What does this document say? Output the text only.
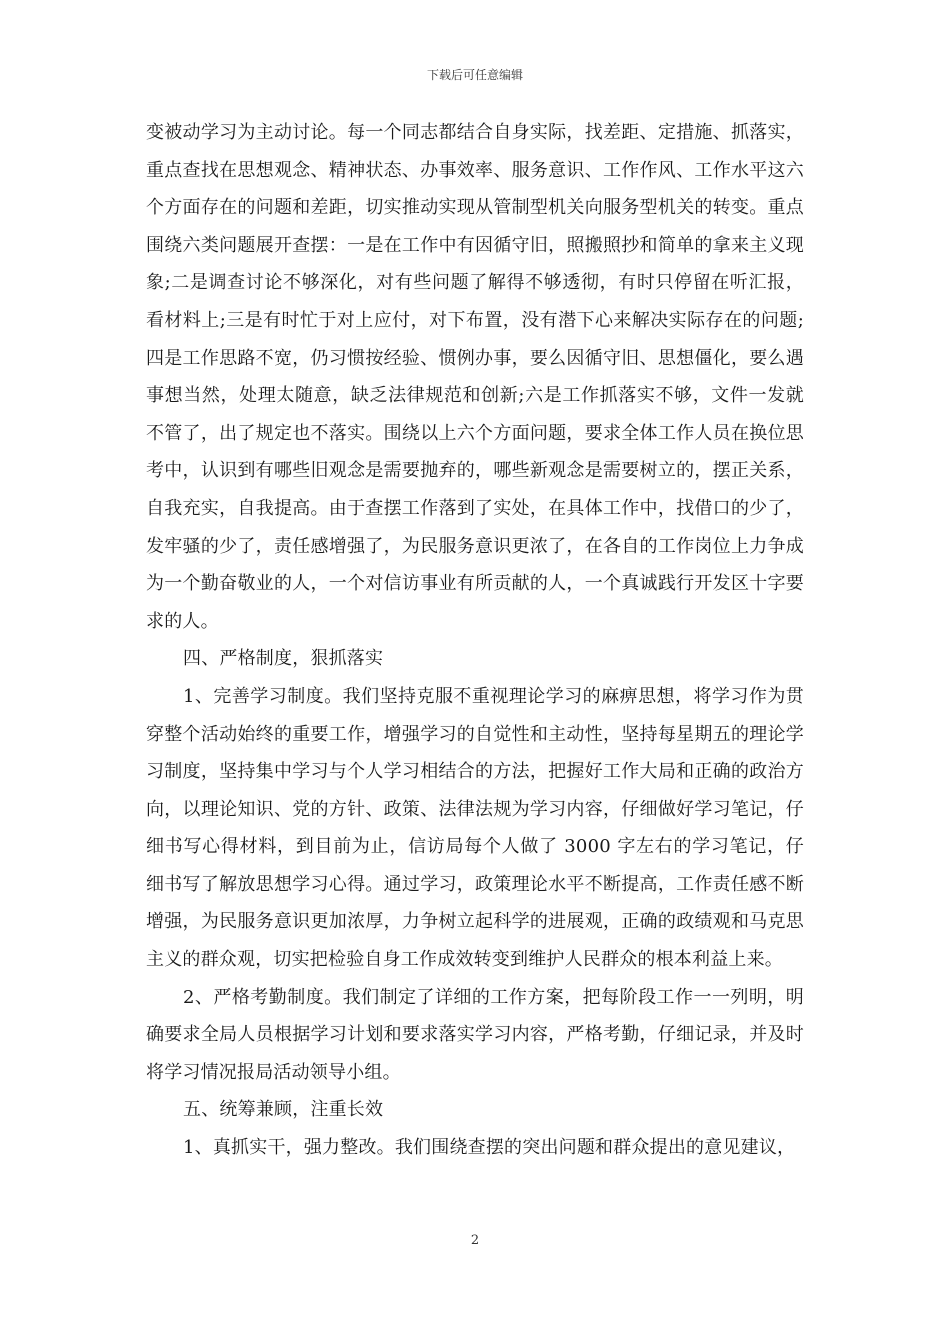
下载后可任意编辑

变被动学习为主动讨论。每一个同志都结合自身实际，找差距、定措施、抓落实，重点查找在思想观念、精神状态、办事效率、服务意识、工作作风、工作水平这六个方面存在的问题和差距，切实推动实现从管制型机关向服务型机关的转变。重点围绕六类问题展开查摆：一是在工作中有因循守旧，照搬照抄和简单的拿来主义现象;二是调查讨论不够深化，对有些问题了解得不够透彻，有时只停留在听汇报，看材料上;三是有时忙于对上应付，对下布置，没有潜下心来解决实际存在的问题;四是工作思路不宽，仍习惯按经验、惯例办事，要么因循守旧、思想僵化，要么遇事想当然，处理太随意，缺乏法律规范和创新;六是工作抓落实不够，文件一发就不管了，出了规定也不落实。围绕以上六个方面问题，要求全体工作人员在换位思考中，认识到有哪些旧观念是需要抛弃的，哪些新观念是需要树立的，摆正关系，自我充实，自我提高。由于查摆工作落到了实处，在具体工作中，找借口的少了，发牢骚的少了，责任感增强了，为民服务意识更浓了，在各自的工作岗位上力争成为一个勤奋敬业的人，一个对信访事业有所贡献的人，一个真诚践行开发区十字要求的人。

四、严格制度，狠抓落实

1、完善学习制度。我们坚持克服不重视理论学习的麻痹思想，将学习作为贯穿整个活动始终的重要工作，增强学习的自觉性和主动性，坚持每星期五的理论学习制度，坚持集中学习与个人学习相结合的方法，把握好工作大局和正确的政治方向，以理论知识、党的方针、政策、法律法规为学习内容，仔细做好学习笔记，仔细书写心得材料，到目前为止，信访局每个人做了 3000 字左右的学习笔记，仔细书写了解放思想学习心得。通过学习，政策理论水平不断提高，工作责任感不断增强，为民服务意识更加浓厚，力争树立起科学的进展观，正确的政绩观和马克思主义的群众观，切实把检验自身工作成效转变到维护人民群众的根本利益上来。

2、严格考勤制度。我们制定了详细的工作方案，把每阶段工作一一列明，明确要求全局人员根据学习计划和要求落实学习内容，严格考勤，仔细记录，并及时将学习情况报局活动领导小组。

五、统筹兼顾，注重长效

1、真抓实干，强力整改。我们围绕查摆的突出问题和群众提出的意见建议，

2
